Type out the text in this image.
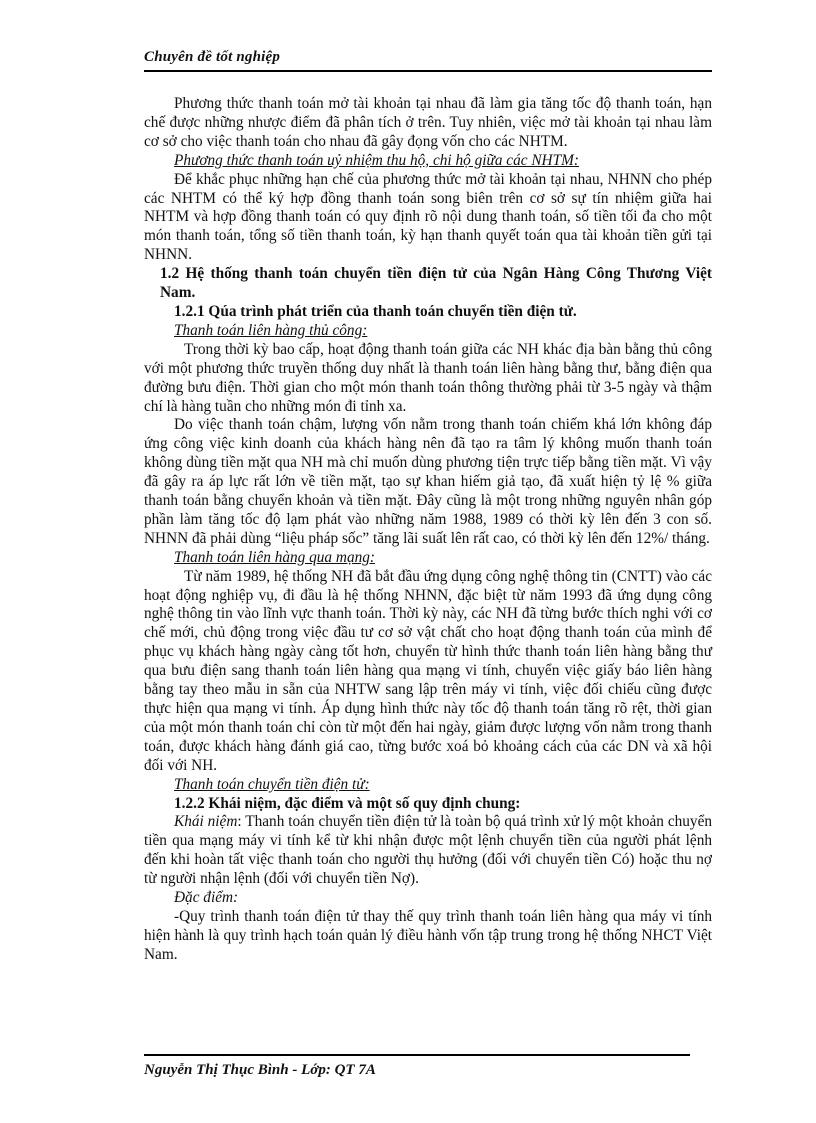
Chuyên đề tốt nghiệp

Phương thức thanh toán mở tài khoản tại nhau đã làm gia tăng tốc độ thanh toán, hạn chế được những nhược điểm đã phân tích ở trên. Tuy nhiên, việc mở tài khoản tại nhau làm cơ sở cho việc thanh toán cho nhau đã gây đọng vốn cho các NHTM.

Phương thức thanh toán uỷ nhiệm thu hộ, chi hộ giữa các NHTM:

Để khắc phục những hạn chế của phương thức mở tài khoản tại nhau, NHNN cho phép các NHTM có thể ký hợp đồng thanh toán song biên trên cơ sở sự tín nhiệm giữa hai NHTM và hợp đồng thanh toán có quy định rõ nội dung thanh toán, số tiền tối đa cho một món thanh toán, tổng số tiền thanh toán, kỳ hạn thanh quyết toán qua tài khoản tiền gửi tại NHNN.

1.2 Hệ thống thanh toán chuyển tiền điện tử của Ngân Hàng Công Thương Việt Nam.

1.2.1 Qúa trình phát triển của thanh toán chuyển tiền điện tử.

Thanh toán liên hàng thủ công:

Trong thời kỳ bao cấp, hoạt động thanh toán giữa các NH khác địa bàn bằng thủ công với một phương thức truyền thống duy nhất là thanh toán liên hàng bằng thư, bằng điện qua đường bưu điện. Thời gian cho một món thanh toán thông thường phải từ 3-5 ngày và thậm chí là hàng tuần cho những món đi tỉnh xa.

Do việc thanh toán chậm, lượng vốn nằm trong thanh toán chiếm khá lớn không đáp ứng công việc kinh doanh của khách hàng nên đã tạo ra tâm lý không muốn thanh toán không dùng tiền mặt qua NH mà chỉ muốn dùng phương tiện trực tiếp bằng tiền mặt. Vì vậy đã gây ra áp lực rất lớn về tiền mặt, tạo sự khan hiếm giả tạo, đã xuất hiện tỷ lệ % giữa thanh toán bằng chuyển khoản và tiền mặt. Đây cũng là một trong những nguyên nhân góp phần làm tăng tốc độ lạm phát vào những năm 1988, 1989 có thời kỳ lên đến 3 con số. NHNN đã phải dùng “liệu pháp sốc” tăng lãi suất lên rất cao, có thời kỳ lên đến 12%/ tháng.

Thanh toán liên hàng qua mạng:

Từ năm 1989, hệ thống NH đã bắt đầu ứng dụng công nghệ thông tin (CNTT) vào các hoạt động nghiệp vụ, đi đầu là hệ thống NHNN, đặc biệt từ năm 1993 đã ứng dụng công nghệ thông tin vào lĩnh vực thanh toán. Thời kỳ này, các NH đã từng bước thích nghi với cơ chế mới, chủ động trong việc đầu tư cơ sở vật chất cho hoạt động thanh toán của mình để phục vụ khách hàng ngày càng tốt hơn, chuyển từ hình thức thanh toán liên hàng bằng thư qua bưu điện sang thanh toán liên hàng qua mạng vi tính, chuyển việc giấy báo liên hàng bằng tay theo mẫu in sẵn của NHTW sang lập trên máy vi tính, việc đối chiếu cũng được thực hiện qua mạng vi tính. Áp dụng hình thức này tốc độ thanh toán tăng rõ rệt, thời gian của một món thanh toán chỉ còn từ một đến hai ngày, giảm được lượng vốn nằm trong thanh toán, được khách hàng đánh giá cao, từng bước xoá bỏ khoảng cách của các DN và xã hội đối với NH.

Thanh toán chuyển tiền điện tử:

1.2.2 Khái niệm, đặc điểm và một số quy định chung:

Khái niệm: Thanh toán chuyển tiền điện tử là toàn bộ quá trình xử lý một khoản chuyển tiền qua mạng máy vi tính kể từ khi nhận được một lệnh chuyển tiền của người phát lệnh đến khi hoàn tất việc thanh toán cho người thụ hưởng (đối với chuyển tiền Có) hoặc thu nợ từ người nhận lệnh (đối với chuyển tiền Nợ).

Đặc điểm:

-Quy trình thanh toán điện tử thay thế quy trình thanh toán liên hàng qua máy vi tính hiện hành là quy trình hạch toán quản lý điều hành vốn tập trung trong hệ thống NHCT Việt Nam.

Nguyễn Thị Thục Bình - Lớp: QT 7A
